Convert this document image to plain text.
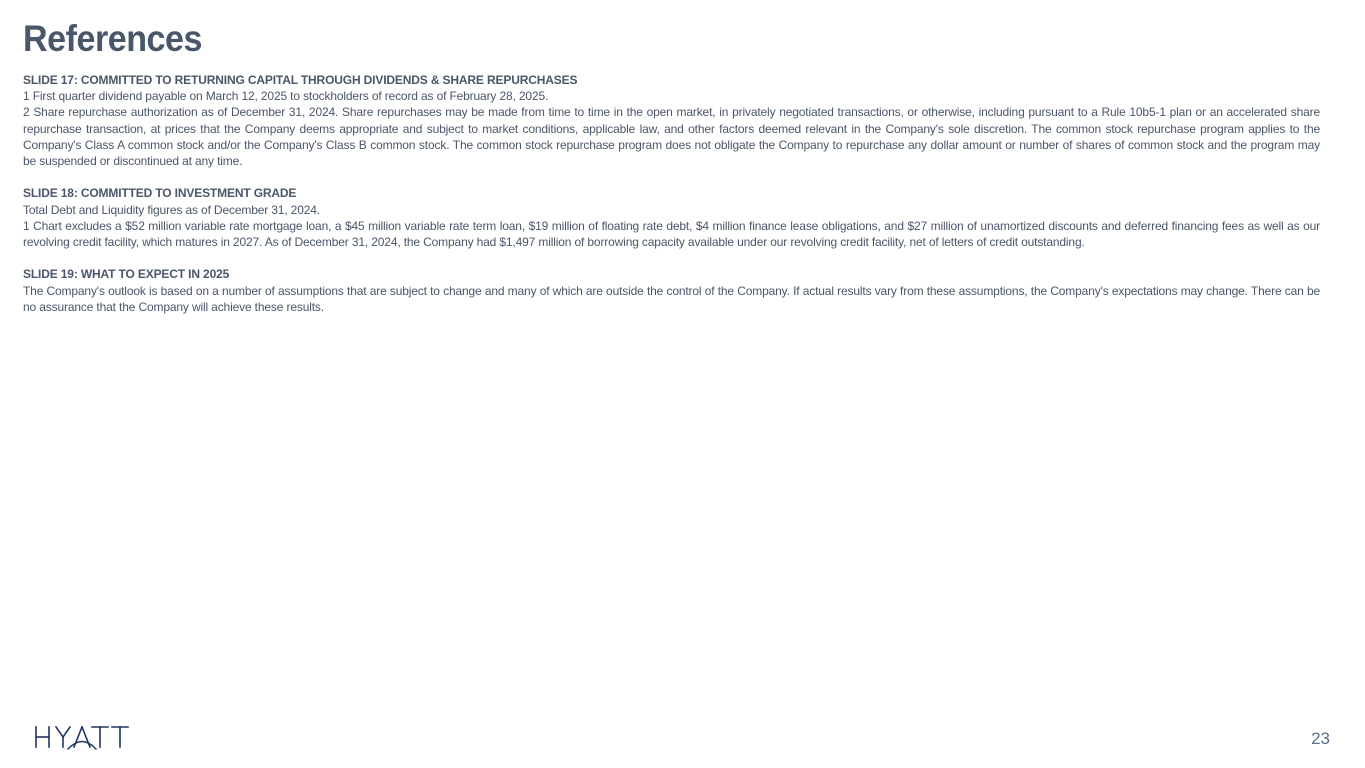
References

SLIDE 17: COMMITTED TO RETURNING CAPITAL THROUGH DIVIDENDS & SHARE REPURCHASES

1 First quarter dividend payable on March 12, 2025 to stockholders of record as of February 28, 2025.

2 Share repurchase authorization as of December 31, 2024. Share repurchases may be made from time to time in the open market, in privately negotiated transactions, or otherwise, including pursuant to a Rule 10b5-1 plan or an accelerated share repurchase transaction, at prices that the Company deems appropriate and subject to market conditions, applicable law, and other factors deemed relevant in the Company's sole discretion. The common stock repurchase program applies to the Company's Class A common stock and/or the Company's Class B common stock. The common stock repurchase program does not obligate the Company to repurchase any dollar amount or number of shares of common stock and the program may be suspended or discontinued at any time.

SLIDE 18: COMMITTED TO INVESTMENT GRADE

Total Debt and Liquidity figures as of December 31, 2024.

1 Chart excludes a $52 million variable rate mortgage loan, a $45 million variable rate term loan, $19 million of floating rate debt, $4 million finance lease obligations, and $27 million of unamortized discounts and deferred financing fees as well as our revolving credit facility, which matures in 2027. As of December 31, 2024, the Company had $1,497 million of borrowing capacity available under our revolving credit facility, net of letters of credit outstanding.

SLIDE 19: WHAT TO EXPECT IN 2025

The Company's outlook is based on a number of assumptions that are subject to change and many of which are outside the control of the Company. If actual results vary from these assumptions, the Company's expectations may change. There can be no assurance that the Company will achieve these results.

23
